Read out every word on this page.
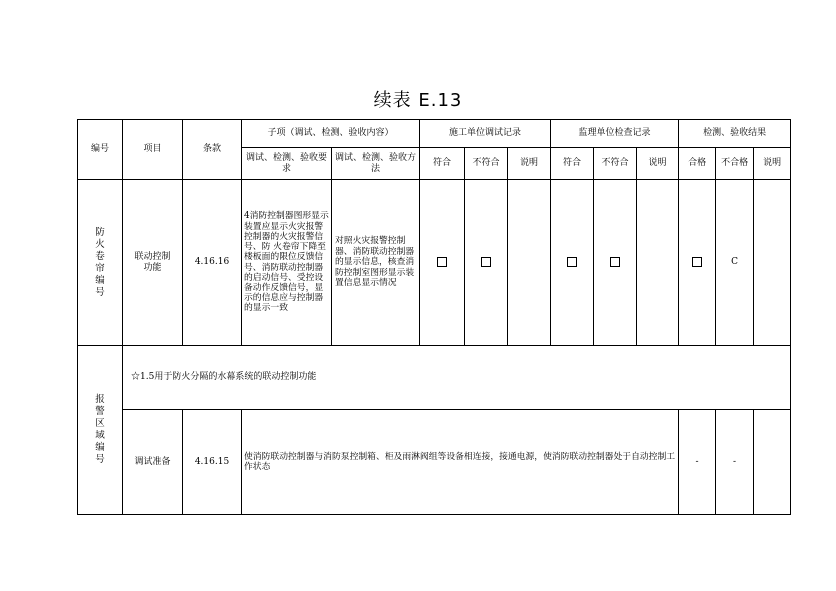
续表 E.13
编号	项目	条款	子项（调试、检测、验收内容）		施工单位调试记录			监理单位检查记录			检测、验收结果		
			调试、检测、验收要求	调试、检测、验收方法	符合	不符合	说明	符合	不符合	说明	合格	不合格	说明
防火卷帘编号	联动控制功能	4.16.16	4消防控制器图形显示装置应显示火灾报警控制器的火灾报警信号、防 火卷帘下降至楼板面的限位反馈信号、消防联动控制器的启动信号、受控设备动作反馈信号，显示的信息应与控制器的显示一致	对照火灾报警控制器、消防联动控制器的显示信息，核查消防控制室图形显示装置信息显示情况								C	
报警区域编号	☆1.5用于防火分隔的水幕系统的联动控制功能												
	调试准备	4.16.15	使消防联动控制器与消防泵控制箱、柜及雨淋阀组等设备相连接，接通电源，使消防联动控制器处于自动控制工作状态								-	-	
